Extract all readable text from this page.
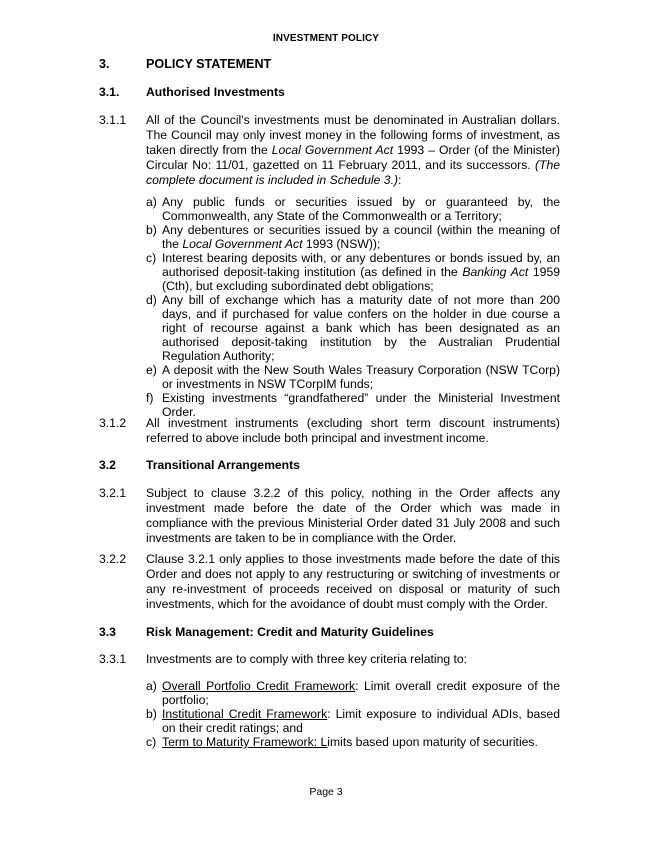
INVESTMENT POLICY
3.	POLICY STATEMENT
3.1. Authorised Investments
3.1.1 All of the Council's investments must be denominated in Australian dollars. The Council may only invest money in the following forms of investment, as taken directly from the Local Government Act 1993 – Order (of the Minister) Circular No: 11/01, gazetted on 11 February 2011, and its successors. (The complete document is included in Schedule 3.):
a) Any public funds or securities issued by or guaranteed by, the Commonwealth, any State of the Commonwealth or a Territory;
b) Any debentures or securities issued by a council (within the meaning of the Local Government Act 1993 (NSW));
c) Interest bearing deposits with, or any debentures or bonds issued by, an authorised deposit-taking institution (as defined in the Banking Act 1959 (Cth), but excluding subordinated debt obligations;
d) Any bill of exchange which has a maturity date of not more than 200 days, and if purchased for value confers on the holder in due course a right of recourse against a bank which has been designated as an authorised deposit-taking institution by the Australian Prudential Regulation Authority;
e) A deposit with the New South Wales Treasury Corporation (NSW TCorp) or investments in NSW TCorpIM funds;
f) Existing investments “grandfathered” under the Ministerial Investment Order.
3.1.2 All investment instruments (excluding short term discount instruments) referred to above include both principal and investment income.
3.2 Transitional Arrangements
3.2.1 Subject to clause 3.2.2 of this policy, nothing in the Order affects any investment made before the date of the Order which was made in compliance with the previous Ministerial Order dated 31 July 2008 and such investments are taken to be in compliance with the Order.
3.2.2 Clause 3.2.1 only applies to those investments made before the date of this Order and does not apply to any restructuring or switching of investments or any re-investment of proceeds received on disposal or maturity of such investments, which for the avoidance of doubt must comply with the Order.
3.3 Risk Management: Credit and Maturity Guidelines
3.3.1 Investments are to comply with three key criteria relating to:
a) Overall Portfolio Credit Framework: Limit overall credit exposure of the portfolio;
b) Institutional Credit Framework: Limit exposure to individual ADIs, based on their credit ratings; and
c) Term to Maturity Framework: Limits based upon maturity of securities.
Page 3
